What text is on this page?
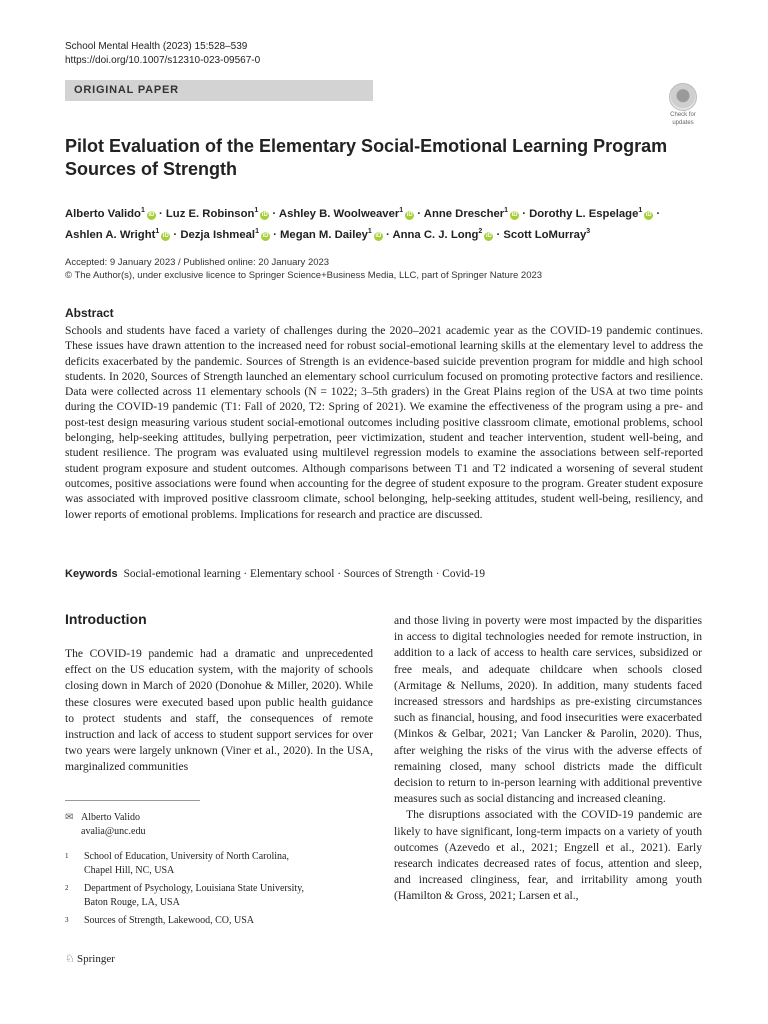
School Mental Health (2023) 15:528–539
https://doi.org/10.1007/s12310-023-09567-0
ORIGINAL PAPER
Check for
updates
Pilot Evaluation of the Elementary Social-Emotional Learning Program
Sources of Strength
Alberto Valido$^1$iD · Luz E. Robinson$^1$iD · Ashley B. Woolweaver$^1$iD · Anne Drescher$^1$iD · Dorothy L. Espelage$^1$iD ·
Ashlen A. Wright$^1$iD · Dezja Ishmeal$^1$iD · Megan M. Dailey$^1$iD · Anna C. J. Long$^2$iD · Scott LoMurray$^3$
Accepted: 9 January 2023 / Published online: 20 January 2023
© The Author(s), under exclusive licence to Springer Science+Business Media, LLC, part of Springer Nature 2023
Abstract
Schools and students have faced a variety of challenges during the 2020–2021 academic year as the COVID-19 pandemic continues. These issues have drawn attention to the increased need for robust social-emotional learning skills at the elementary level to address the deficits exacerbated by the pandemic. Sources of Strength is an evidence-based suicide prevention program for middle and high school students. In 2020, Sources of Strength launched an elementary school curriculum focused on promoting protective factors and resilience. Data were collected across 11 elementary schools (N = 1022; 3–5th graders) in the Great Plains region of the USA at two time points during the COVID-19 pandemic (T1: Fall of 2020, T2: Spring of 2021). We examine the effectiveness of the program using a pre- and post-test design measuring various student social-emotional outcomes including positive classroom climate, emotional problems, school belonging, help-seeking attitudes, bullying perpetration, peer victimization, student and teacher intervention, student well-being, and student resilience. The program was evaluated using multilevel regression models to examine the associations between self-reported student program exposure and student outcomes. Although comparisons between T1 and T2 indicated a worsening of several student outcomes, positive associations were found when accounting for the degree of student exposure to the program. Greater student exposure was associated with improved positive classroom climate, school belonging, help-seeking attitudes, student well-being, resiliency, and lower reports of emotional problems. Implications for research and practice are discussed.
Keywords Social-emotional learning · Elementary school · Sources of Strength · Covid-19
Introduction

The COVID-19 pandemic had a dramatic and unprecedented effect on the US education system, with the majority of schools closing down in March of 2020 (Donohue & Miller, 2020). While these closures were executed based upon public health guidance to protect students and staff, the consequences of remote instruction and lack of access to student support services for over two years were largely unknown (Viner et al., 2020). In the USA, marginalized communities

and those living in poverty were most impacted by the disparities in access to digital technologies needed for remote instruction, in addition to a lack of access to health care services, subsidized or free meals, and adequate childcare when schools closed (Armitage & Nellums, 2020). In addition, many students faced increased stressors and hardships as pre-existing circumstances such as financial, housing, and food insecurities were exacerbated (Minkos & Gelbar, 2021; Van Lancker & Parolin, 2020). Thus, after weighing the risks of the virus with the adverse effects of remaining closed, many school districts made the difficult decision to return to in-person learning with additional preventive measures such as social distancing and increased cleaning.

The disruptions associated with the COVID-19 pandemic are likely to have significant, long-term impacts on a variety of youth outcomes (Azevedo et al., 2021; Engzell et al., 2021). Early research indicates decreased rates of focus, attention and sleep, and increased clinginess, fear, and irritability among youth (Hamilton & Gross, 2021; Larsen et al.,

✉ Alberto Valido
avalia@unc.edu
1 School of Education, University of North Carolina,
Chapel Hill, NC, USA
2 Department of Psychology, Louisiana State University,
Baton Rouge, LA, USA
3 Sources of Strength, Lakewood, CO, USA
♘ Springer
